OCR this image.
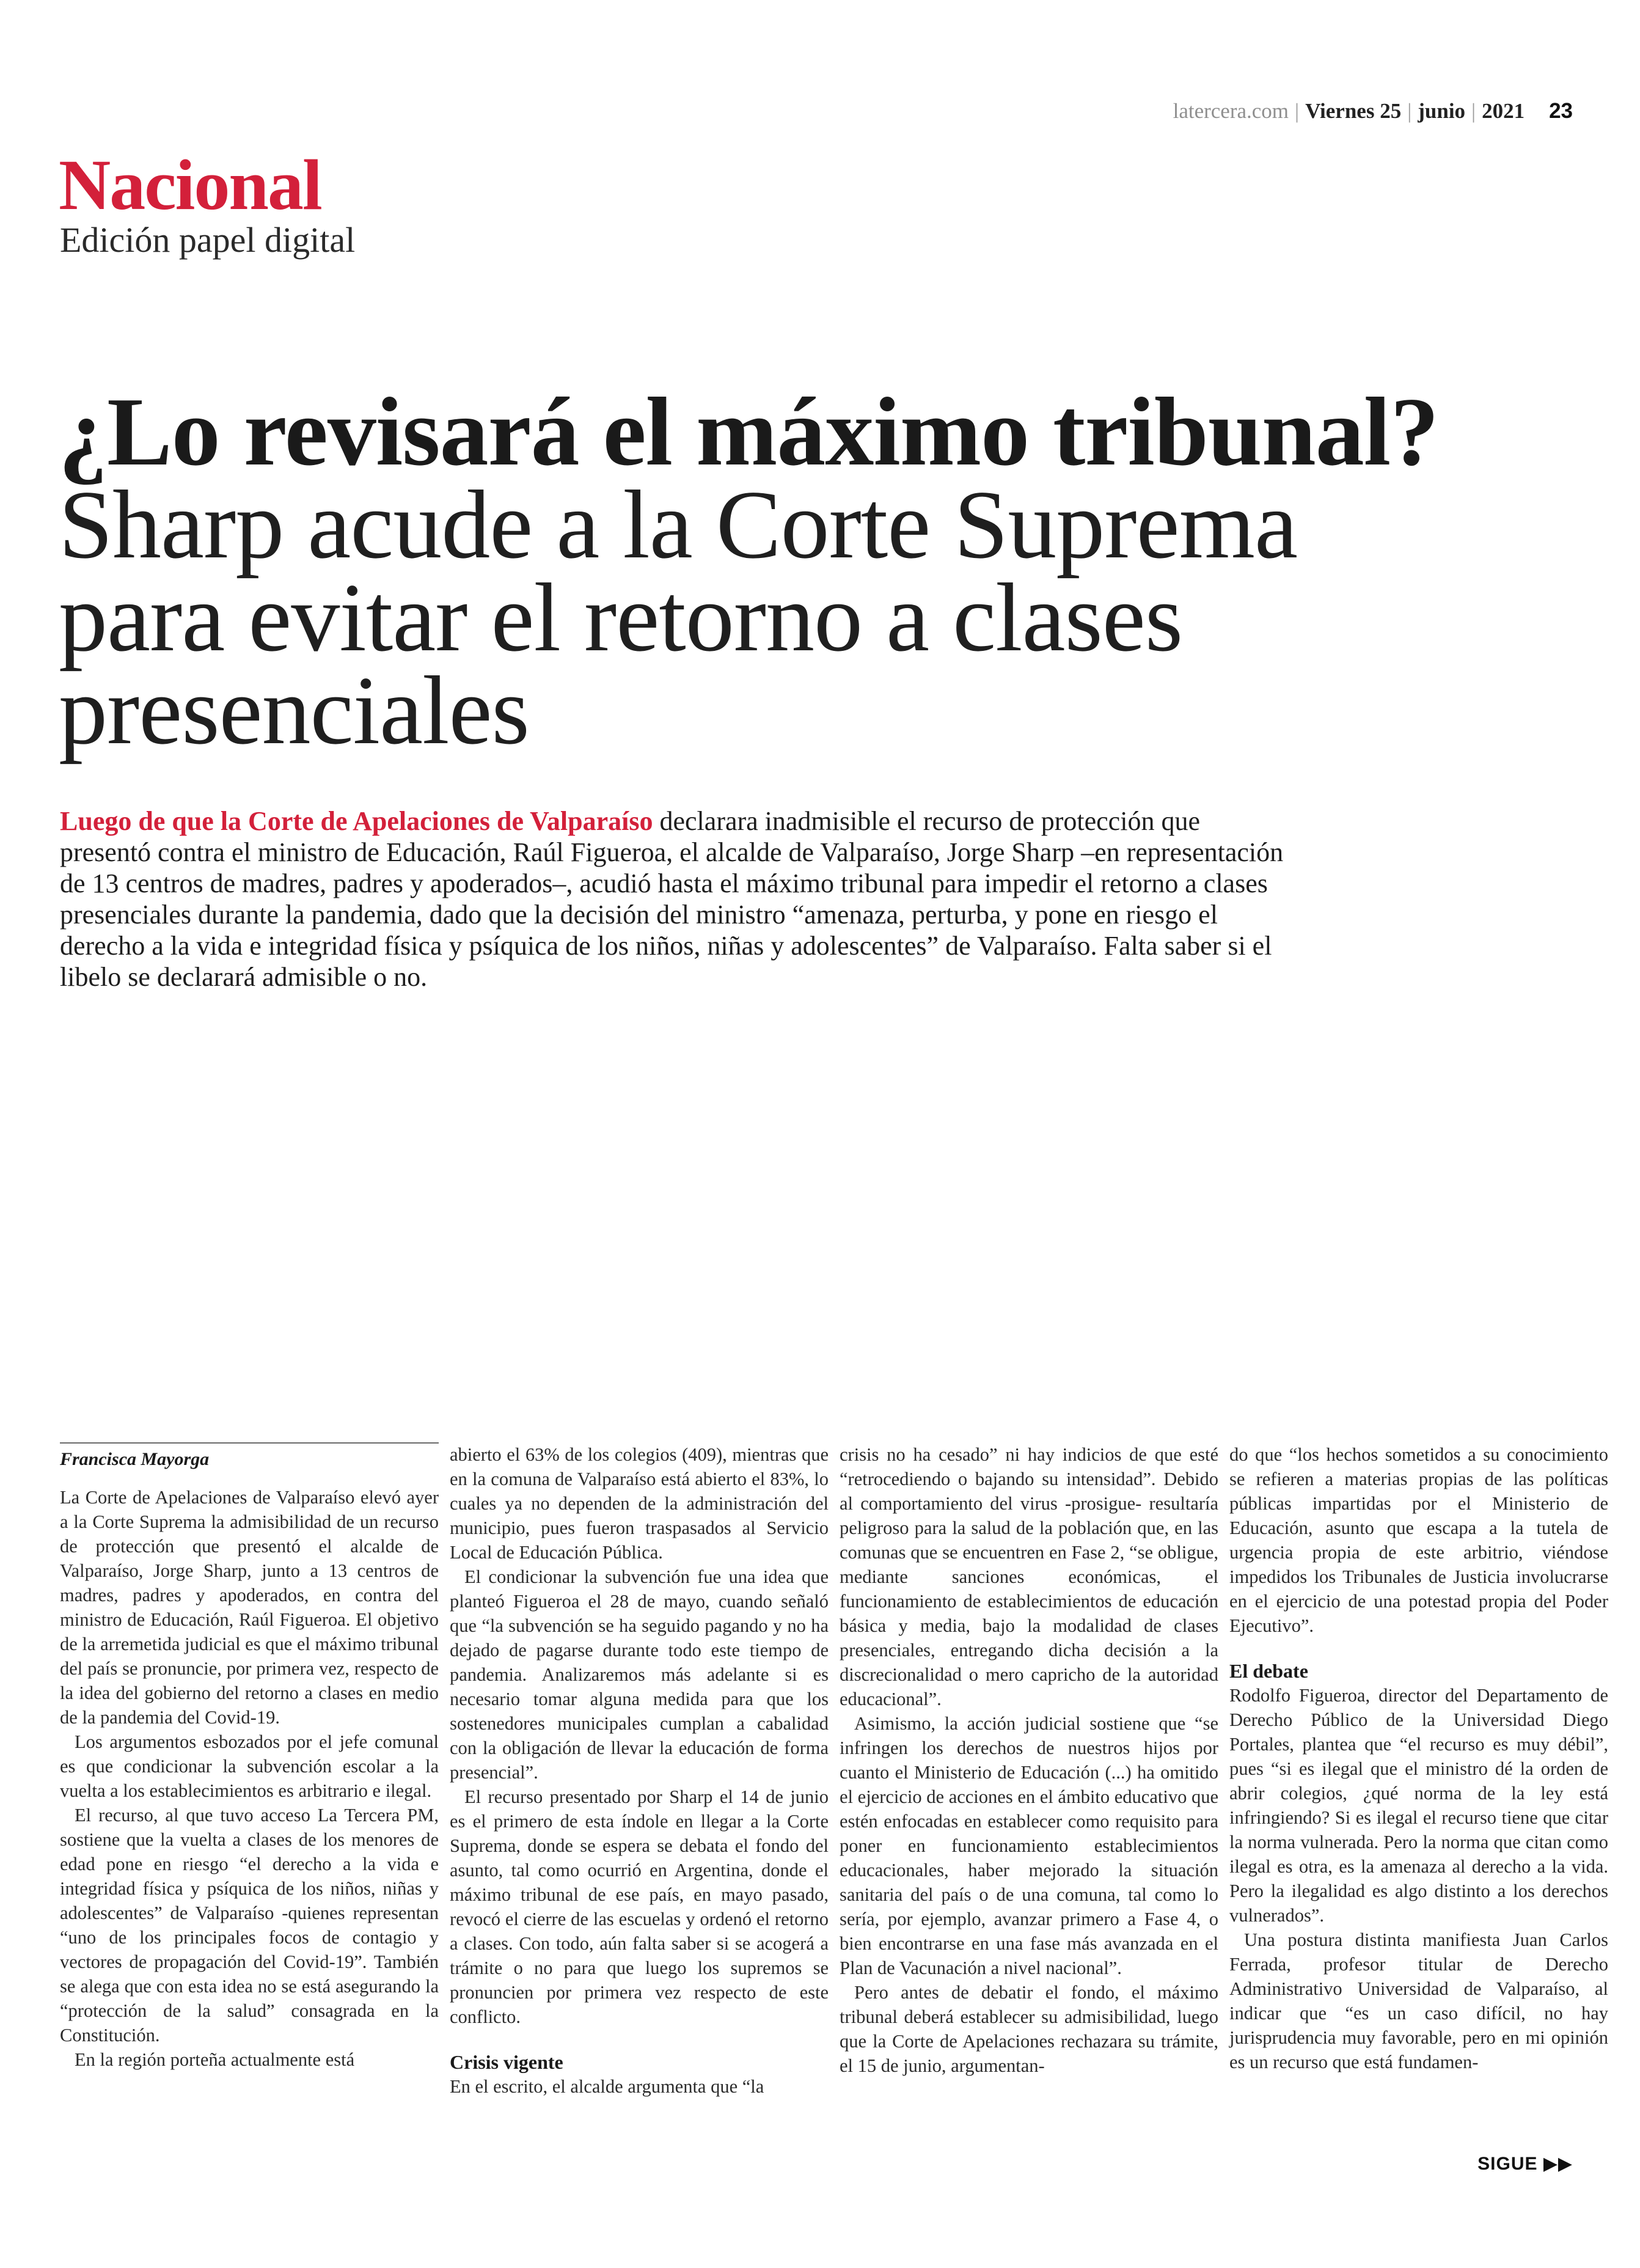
latercera.com | Viernes 25 | junio | 2021 23
Nacional
Edición papel digital
¿Lo revisará el máximo tribunal? Sharp acude a la Corte Suprema para evitar el retorno a clases presenciales
Luego de que la Corte de Apelaciones de Valparaíso declarara inadmisible el recurso de protección que presentó contra el ministro de Educación, Raúl Figueroa, el alcalde de Valparaíso, Jorge Sharp –en representación de 13 centros de madres, padres y apoderados–, acudió hasta el máximo tribunal para impedir el retorno a clases presenciales durante la pandemia, dado que la decisión del ministro “amenaza, perturba, y pone en riesgo el derecho a la vida e integridad física y psíquica de los niños, niñas y adolescentes” de Valparaíso. Falta saber si el libelo se declarará admisible o no.
Francisca Mayorga

La Corte de Apelaciones de Valparaíso elevó ayer a la Corte Suprema la admisibilidad de un recurso de protección que presentó el alcalde de Valparaíso, Jorge Sharp, junto a 13 centros de madres, padres y apoderados, en contra del ministro de Educación, Raúl Figueroa. El objetivo de la arremetida judicial es que el máximo tribunal del país se pronuncie, por primera vez, respecto de la idea del gobierno del retorno a clases en medio de la pandemia del Covid-19.

Los argumentos esbozados por el jefe comunal es que condicionar la subvención escolar a la vuelta a los establecimientos es arbitrario e ilegal.

El recurso, al que tuvo acceso La Tercera PM, sostiene que la vuelta a clases de los menores de edad pone en riesgo “el derecho a la vida e integridad física y psíquica de los niños, niñas y adolescentes” de Valparaíso -quienes representan “uno de los principales focos de contagio y vectores de propagación del Covid-19”. También se alega que con esta idea no se está asegurando la “protección de la salud” consagrada en la Constitución.

En la región porteña actualmente está

abierto el 63% de los colegios (409), mientras que en la comuna de Valparaíso está abierto el 83%, lo cuales ya no dependen de la administración del municipio, pues fueron traspasados al Servicio Local de Educación Pública.

El condicionar la subvención fue una idea que planteó Figueroa el 28 de mayo, cuando señaló que “la subvención se ha seguido pagando y no ha dejado de pagarse durante todo este tiempo de pandemia. Analizaremos más adelante si es necesario tomar alguna medida para que los sostenedores municipales cumplan a cabalidad con la obligación de llevar la educación de forma presencial”.

El recurso presentado por Sharp el 14 de junio es el primero de esta índole en llegar a la Corte Suprema, donde se espera se debata el fondo del asunto, tal como ocurrió en Argentina, donde el máximo tribunal de ese país, en mayo pasado, revocó el cierre de las escuelas y ordenó el retorno a clases. Con todo, aún falta saber si se acogerá a trámite o no para que luego los supremos se pronuncien por primera vez respecto de este conflicto.

Crisis vigente

En el escrito, el alcalde argumenta que “la

crisis no ha cesado” ni hay indicios de que esté “retrocediendo o bajando su intensidad”. Debido al comportamiento del virus -prosigue- resultaría peligroso para la salud de la población que, en las comunas que se encuentren en Fase 2, “se obligue, mediante sanciones económicas, el funcionamiento de establecimientos de educación básica y media, bajo la modalidad de clases presenciales, entregando dicha decisión a la discrecionalidad o mero capricho de la autoridad educacional”.

Asimismo, la acción judicial sostiene que “se infringen los derechos de nuestros hijos por cuanto el Ministerio de Educación (...) ha omitido el ejercicio de acciones en el ámbito educativo que estén enfocadas en establecer como requisito para poner en funcionamiento establecimientos educacionales, haber mejorado la situación sanitaria del país o de una comuna, tal como lo sería, por ejemplo, avanzar primero a Fase 4, o bien encontrarse en una fase más avanzada en el Plan de Vacunación a nivel nacional”.

Pero antes de debatir el fondo, el máximo tribunal deberá establecer su admisibilidad, luego que la Corte de Apelaciones rechazara su trámite, el 15 de junio, argumentan-

do que “los hechos sometidos a su conocimiento se refieren a materias propias de las políticas públicas impartidas por el Ministerio de Educación, asunto que escapa a la tutela de urgencia propia de este arbitrio, viéndose impedidos los Tribunales de Justicia involucrarse en el ejercicio de una potestad propia del Poder Ejecutivo”.

El debate

Rodolfo Figueroa, director del Departamento de Derecho Público de la Universidad Diego Portales, plantea que “el recurso es muy débil”, pues “si es ilegal que el ministro dé la orden de abrir colegios, ¿qué norma de la ley está infringiendo? Si es ilegal el recurso tiene que citar la norma vulnerada. Pero la norma que citan como ilegal es otra, es la amenaza al derecho a la vida. Pero la ilegalidad es algo distinto a los derechos vulnerados”.

Una postura distinta manifiesta Juan Carlos Ferrada, profesor titular de Derecho Administrativo Universidad de Valparaíso, al indicar que “es un caso difícil, no hay jurisprudencia muy favorable, pero en mi opinión es un recurso que está fundamen-

SIGUE ▶▶
